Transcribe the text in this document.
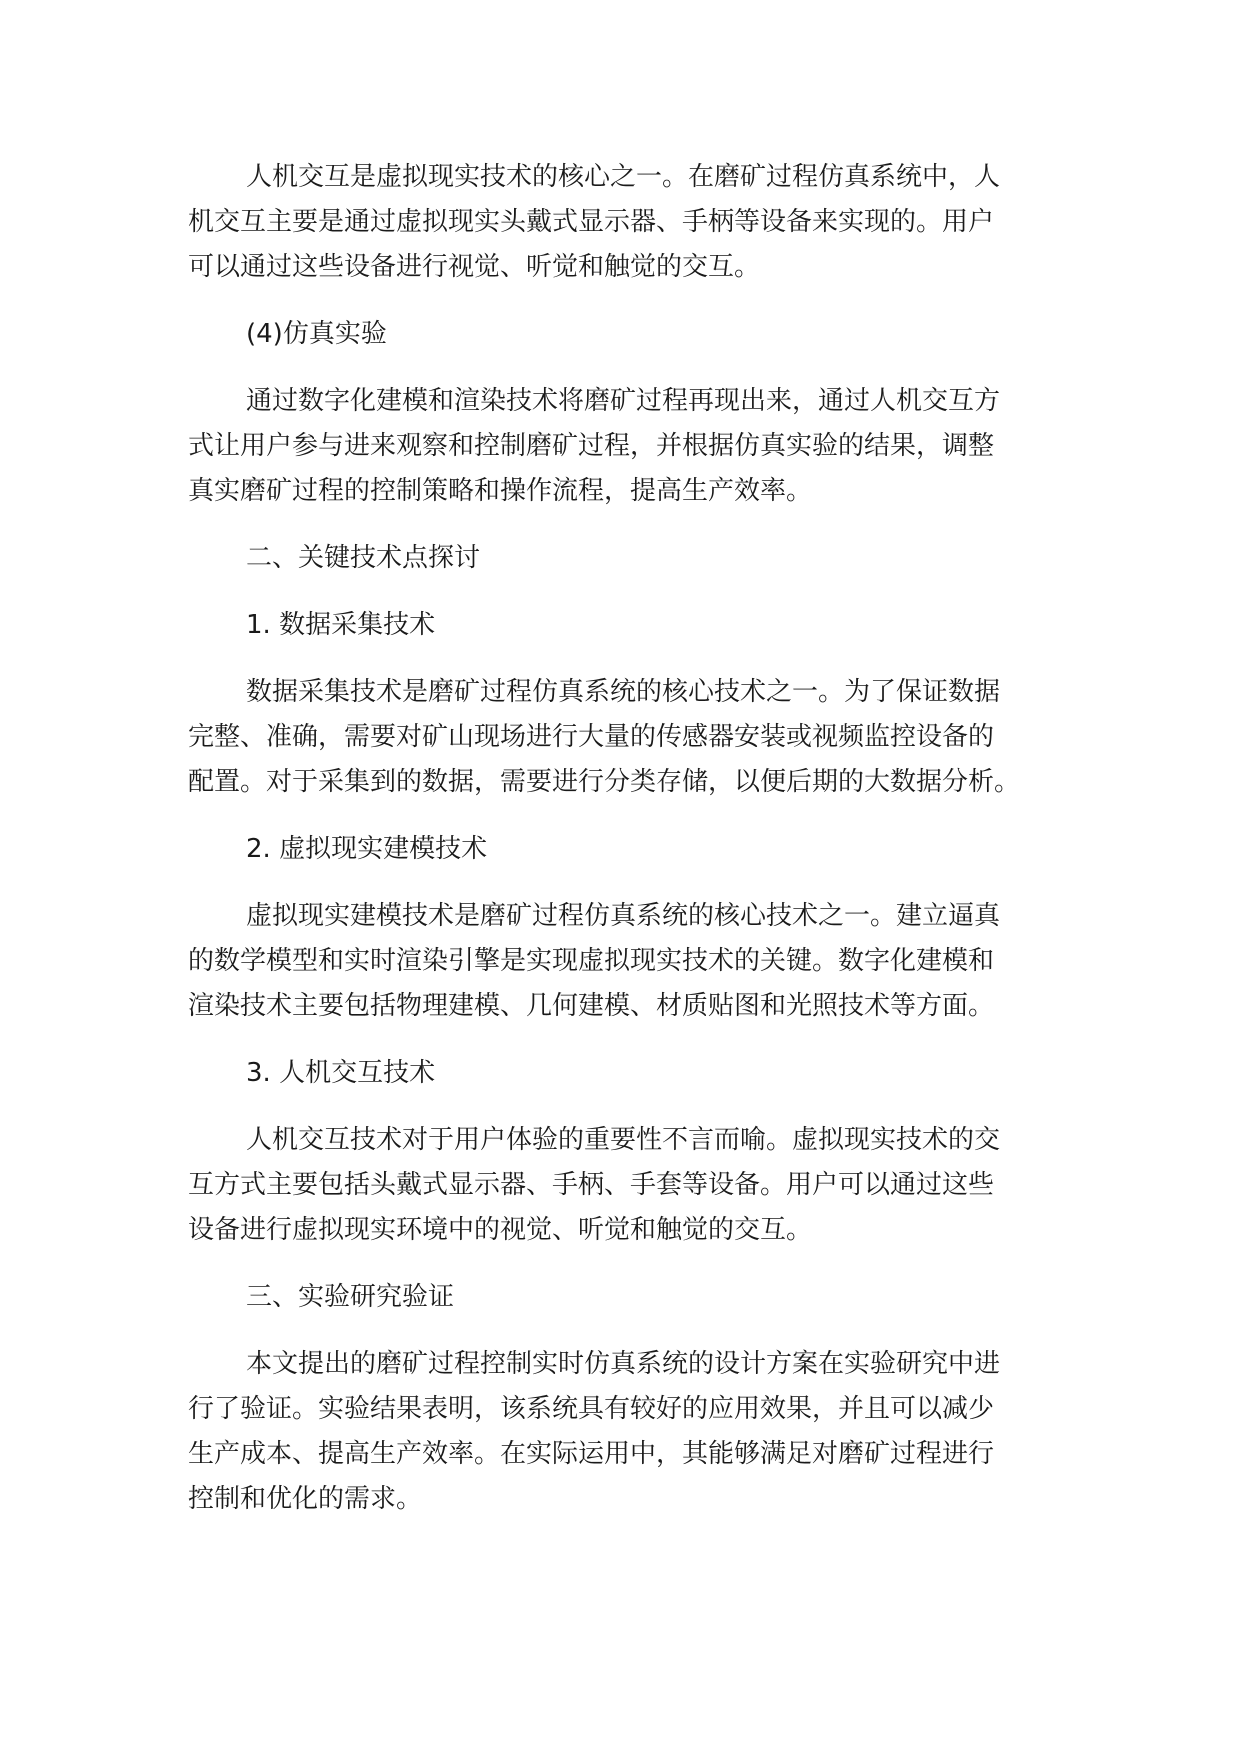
人机交互是虚拟现实技术的核心之一。在磨矿过程仿真系统中，人
机交互主要是通过虚拟现实头戴式显示器、手柄等设备来实现的。用户
可以通过这些设备进行视觉、听觉和触觉的交互。
(4)仿真实验
通过数字化建模和渲染技术将磨矿过程再现出来，通过人机交互方
式让用户参与进来观察和控制磨矿过程，并根据仿真实验的结果，调整
真实磨矿过程的控制策略和操作流程，提高生产效率。
二、关键技术点探讨
1. 数据采集技术
数据采集技术是磨矿过程仿真系统的核心技术之一。为了保证数据
完整、准确，需要对矿山现场进行大量的传感器安装或视频监控设备的
配置。对于采集到的数据，需要进行分类存储，以便后期的大数据分析。
2. 虚拟现实建模技术
虚拟现实建模技术是磨矿过程仿真系统的核心技术之一。建立逼真
的数学模型和实时渲染引擎是实现虚拟现实技术的关键。数字化建模和
渲染技术主要包括物理建模、几何建模、材质贴图和光照技术等方面。
3. 人机交互技术
人机交互技术对于用户体验的重要性不言而喻。虚拟现实技术的交
互方式主要包括头戴式显示器、手柄、手套等设备。用户可以通过这些
设备进行虚拟现实环境中的视觉、听觉和触觉的交互。
三、实验研究验证
本文提出的磨矿过程控制实时仿真系统的设计方案在实验研究中进
行了验证。实验结果表明，该系统具有较好的应用效果，并且可以减少
生产成本、提高生产效率。在实际运用中，其能够满足对磨矿过程进行
控制和优化的需求。
